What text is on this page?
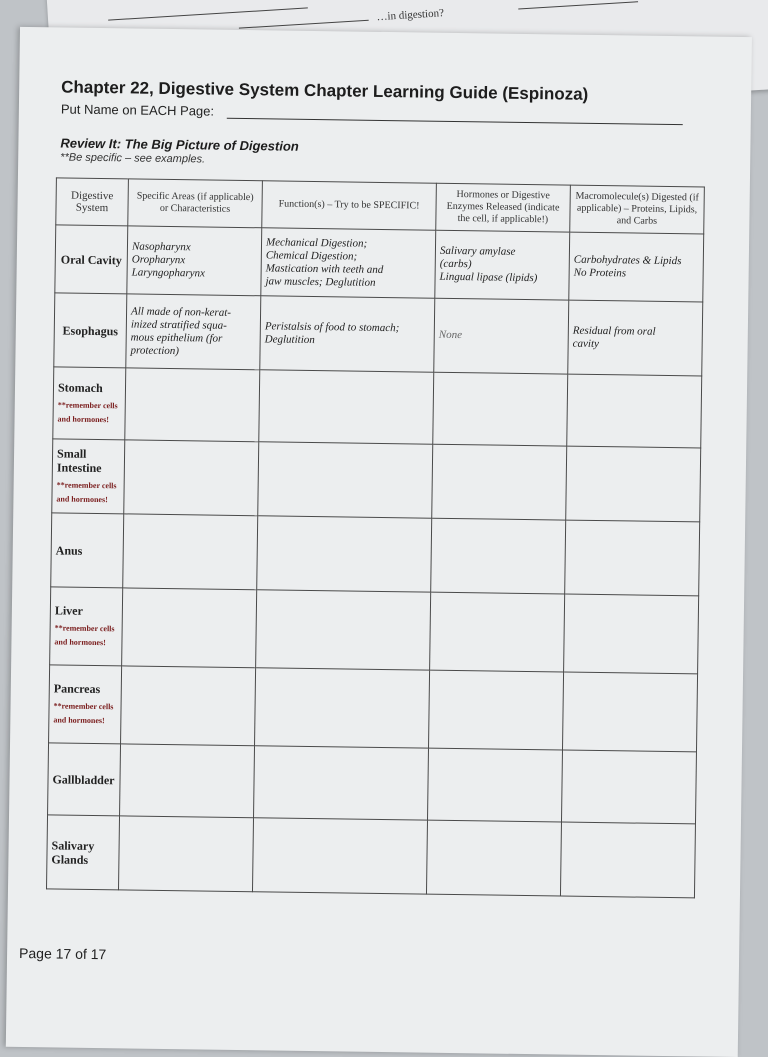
…in digestion?
Chapter 22, Digestive System Chapter Learning Guide (Espinoza)
Put Name on EACH Page:
Review It: The Big Picture of Digestion
**Be specific – see examples.
Digestive System	Specific Areas (if applicable) or Characteristics	Function(s) – Try to be SPECIFIC!	Hormones or Digestive Enzymes Released (indicate the cell, if applicable!)	Macromolecule(s) Digested (if applicable) – Proteins, Lipids, and Carbs

Oral Cavity	Nasopharynx
Oropharynx
Laryngopharynx	Mechanical Digestion;
Chemical Digestion;
Mastication with teeth and
jaw muscles; Deglutition	Salivary amylase
(carbs)
Lingual lipase (lipids)	Carbohydrates & Lipids
No Proteins

Esophagus	All made of non-kerat-
inized stratified squa-
mous epithelium (for
protection)	Peristalsis of food to stomach;
Deglutition	None	Residual from oral
cavity

Stomach
**remember cells and hormones!				

Small Intestine
**remember cells and hormones!				

Anus				

Liver
**remember cells and hormones!				

Pancreas
**remember cells and hormones!				

Gallbladder				

Salivary Glands				

Page 17 of 17
